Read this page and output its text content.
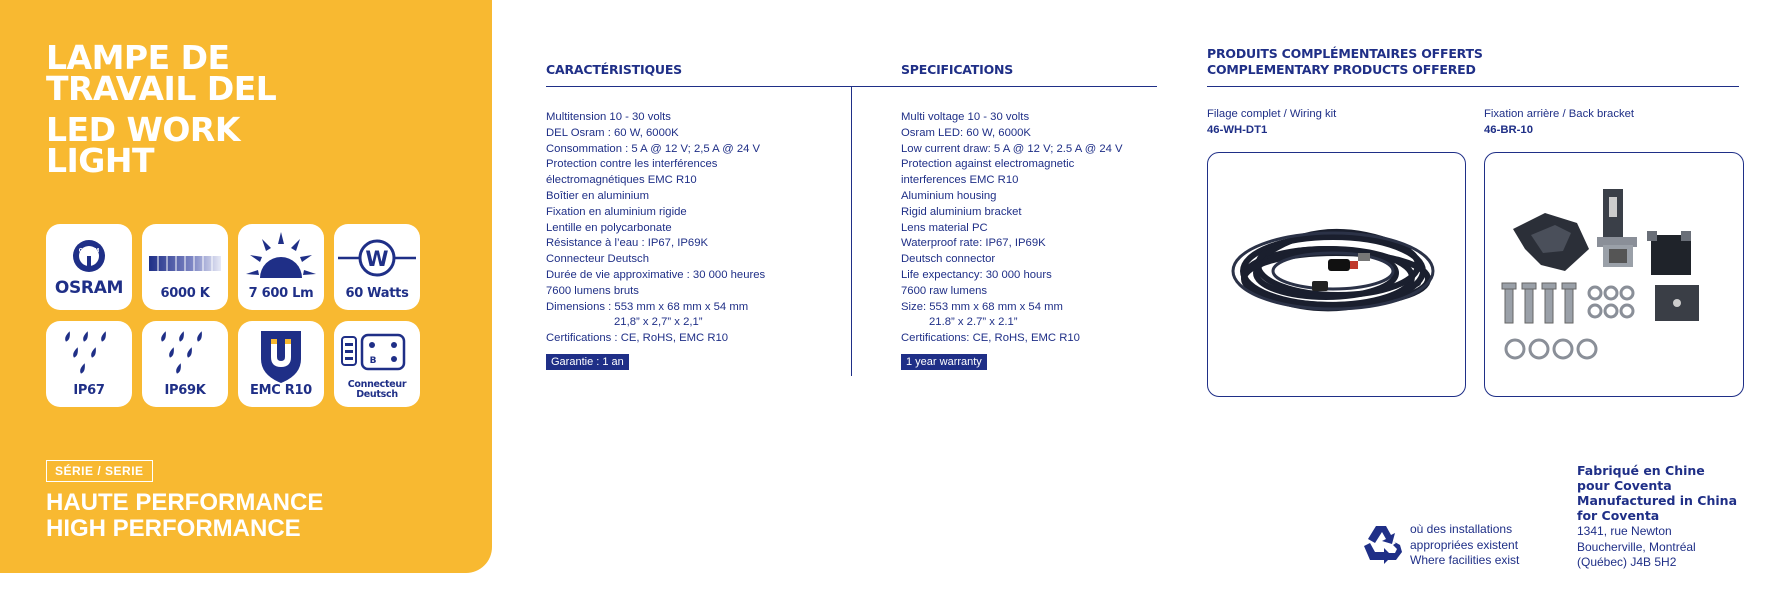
LAMPE DE
TRAVAIL DEL
LED WORK
LIGHT
OSRAM
OSRAM	6000 K	7 600 Lm
W
60 Watts
IP67	IP69K	EMC R10
B
Connecteur
Deutsch
SÉRIE / SERIE
HAUTE PERFORMANCE
HIGH PERFORMANCE
CARACTÉRISTIQUES
Multitension 10 - 30 volts
DEL Osram : 60 W, 6000K
Consommation : 5 A @ 12 V; 2,5 A @ 24 V
Protection contre les interférences
électromagnétiques EMC R10
Boîtier en aluminium
Fixation en aluminium rigide
Lentille en polycarbonate
Résistance à l’eau : IP67, IP69K
Connecteur Deutsch
Durée de vie approximative : 30 000 heures
7600 lumens bruts
Dimensions : 553 mm x 68 mm x 54 mm
21,8” x 2,7” x 2,1”
Certifications : CE, RoHS, EMC R10
Garantie : 1 an
SPECIFICATIONS
Multi voltage 10 - 30 volts
Osram LED: 60 W, 6000K
Low current draw: 5 A @ 12 V; 2.5 A @ 24 V
Protection against electromagnetic
interferences EMC R10
Aluminium housing
Rigid aluminium bracket
Lens material PC
Waterproof rate: IP67, IP69K
Deutsch connector
Life expectancy: 30 000 hours
7600 raw lumens
Size: 553 mm x 68 mm x 54 mm
21.8” x 2.7” x 2.1”
Certifications: CE, RoHS, EMC R10
1 year warranty
PRODUITS COMPLÉMENTAIRES OFFERTS
COMPLEMENTARY PRODUCTS OFFERED
Filage complet / Wiring kit
46-WH-DT1
Fixation arrière / Back bracket
46-BR-10
où des installations
appropriées existent
Where facilities exist
Fabriqué en Chine
pour Coventa
Manufactured in China
for Coventa
1341, rue Newton
Boucherville, Montréal
(Québec) J4B 5H2
